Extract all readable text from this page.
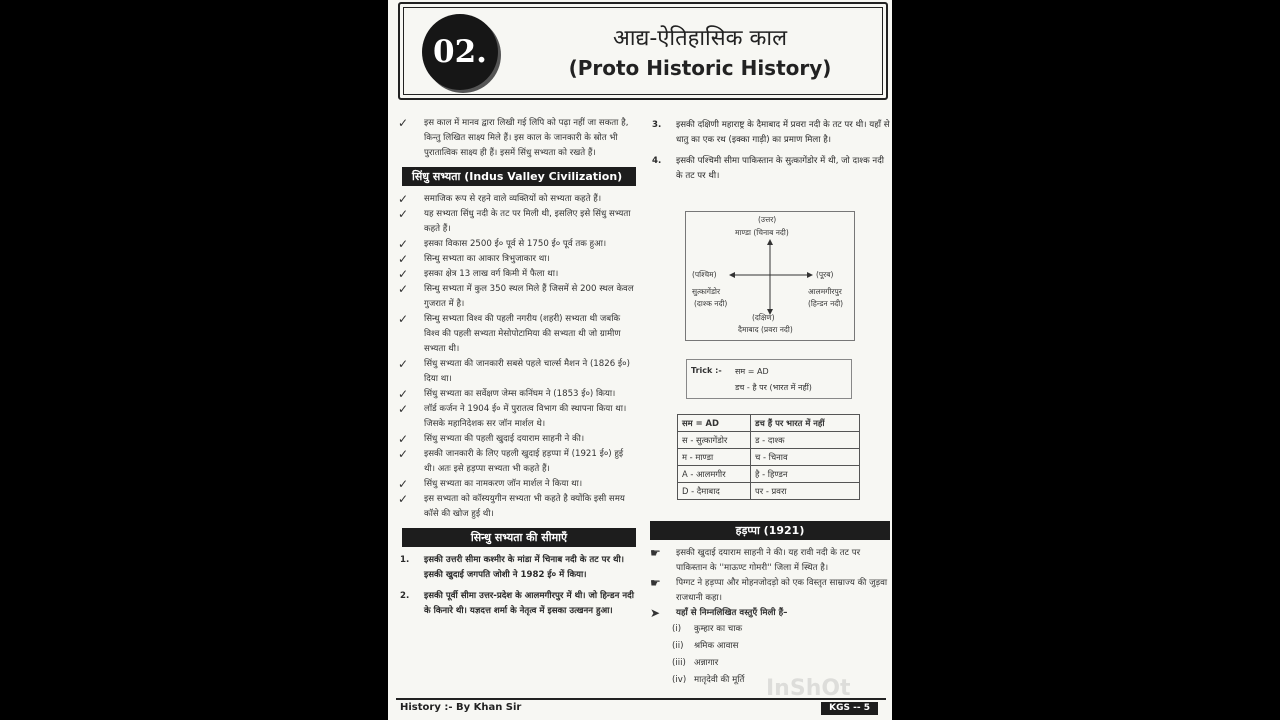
02.	आद्य-ऐतिहासिक काल
(Proto Historic History)

✓ इस काल में मानव द्वारा लिखी गई लिपि को पढ़ा नहीं जा सकता है, किन्तु लिखित साक्ष्य मिले हैं। इस काल के जानकारी के स्रोत भी पुरातात्विक साक्ष्य ही हैं। इसमें सिंधु सभ्यता को रखते हैं।

सिंधु सभ्यता (Indus Valley Civilization)

✓ समाजिक रूप से रहने वाले व्यक्तियों को सभ्यता कहते हैं।

✓ यह सभ्यता सिंधु नदी के तट पर मिली थी, इसलिए इसे सिंधु सभ्यता कहते हैं।

✓ इसका विकास 2500 ई० पूर्व से 1750 ई० पूर्व तक हुआ।

✓ सिन्धु सभ्यता का आकार त्रिभुजाकार था।

✓ इसका क्षेत्र 13 लाख वर्ग किमी में फैला था।

✓ सिन्धु सभ्यता में कुल 350 स्थल मिले हैं जिसमें से 200 स्थल केवल गुजरात में है।

✓ सिन्धु सभ्यता विश्व की पहली नगरीय (शहरी) सभ्यता थी जबकि विश्व की पहली सभ्यता मेसोपोटामिया की सभ्यता थी जो ग्रामीण सभ्यता थी।

✓ सिंधु सभ्यता की जानकारी सबसे पहले चार्ल्स मैशन ने (1826 ई०) दिया था।

✓ सिंधु सभ्यता का सर्वेक्षण जेम्स कनिंघम ने (1853 ई०) किया।

✓ लॉर्ड कर्जन ने 1904 ई० में पुरातत्व विभाग की स्थापना किया था। जिसके महानिदेशक सर जॉन मार्शल थे।

✓ सिंधु सभ्यता की पहली खुदाई दयाराम साहनी ने की।

✓ इसकी जानकारी के लिए पहली खुदाई हड़प्पा में (1921 ई०) हुई थी। अतः इसे हड़प्पा सभ्यता भी कहते हैं।

✓ सिंधु सभ्यता का नामकरण जॉन मार्शल ने किया था।

✓ इस सभ्यता को कॉस्ययुगीन सभ्यता भी कहते है क्योंकि इसी समय कॉसे की खोज हुई थी।

सिन्धु सभ्यता की सीमाएँ
1. इसकी उत्तरी सीमा कश्मीर के मांडा में चिनाब नदी के तट पर थी। इसकी खुदाई जगपति जोशी ने 1982 ई० में किया।
2. इसकी पूर्वी सीमा उत्तर-प्रदेश के आलमगीरपुर में थी। जो हिन्डन नदी के किनारे थी। यज्ञदत्त शर्मा के नेतृत्व में इसका उत्खनन हुआ।
3. इसकी दक्षिणी महाराष्ट्र के दैमाबाद में प्रवरा नदी के तट पर थी। यहाँ से धातु का एक रथ (इक्का गाड़ी) का प्रमाण मिला है।
4. इसकी पश्चिमी सीमा पाकिस्तान के सुत्कागेंडोर में थी, जो दाश्क नदी के तट पर थी।
(उत्तर)
माण्डा (चिनाब नदी)
(पश्चिम)
सुत्कागेंडोर
(दाश्क नदी)
(पूरब)
आलमगीरपुर
(हिन्डन नदी)
(दक्षिण)
दैमाबाद (प्रवरा नदी)
Trick :- सम = AD
डच - है पर (भारत में नहीं)
सम = AD	डच हैं पर भारत में नहीं
स - सुत्कागेंडोर	ड - दाश्क
म - माण्डा	च - चिनाव
A - आलमगीर	है - हिण्डन
D - दैमाबाद	पर - प्रवरा
हड़प्पा (1921)

☛ इसकी खुदाई दयाराम साहनी ने की। यह रावी नदी के तट पर पाकिस्तान के ''माऊण्ट गोमरी'' जिला में स्थित है।

☛ पिग्गट ने हड़प्पा और मोहनजोदड़ो को एक विस्तृत साम्राज्य की जुड़वा राजधानी कहा।

➤ यहाँ से निम्नलिखित वस्तुएँ मिली हैं–

(i) कुम्हार का चाक
(ii) श्रमिक आवास
(iii) अन्नागार
(iv) मातृदेवी की मूर्ति InShOt
History :- By Khan Sir	KGS -- 5
